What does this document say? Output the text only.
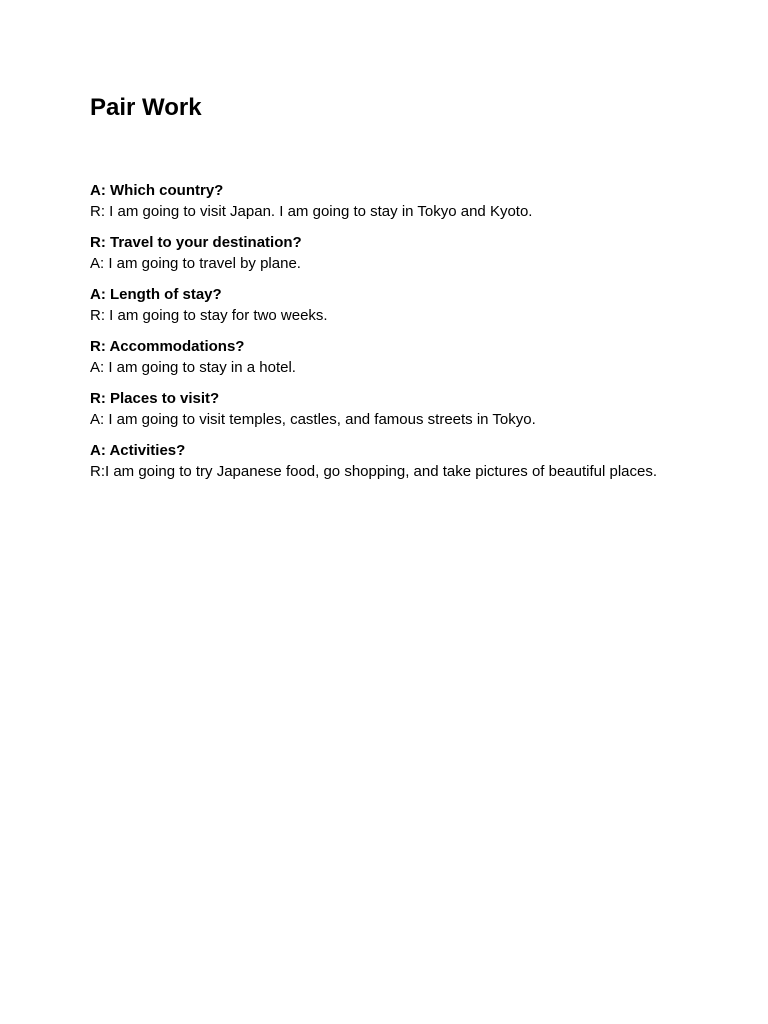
Pair Work
A: Which country?
R: I am going to visit Japan. I am going to stay in Tokyo and Kyoto.
R: Travel to your destination?
A: I am going to travel by plane.
A: Length of stay?
R: I am going to stay for two weeks.
R: Accommodations?
A: I am going to stay in a hotel.
R: Places to visit?
A: I am going to visit temples, castles, and famous streets in Tokyo.
A: Activities?
R:I am going to try Japanese food, go shopping, and take pictures of beautiful places.
